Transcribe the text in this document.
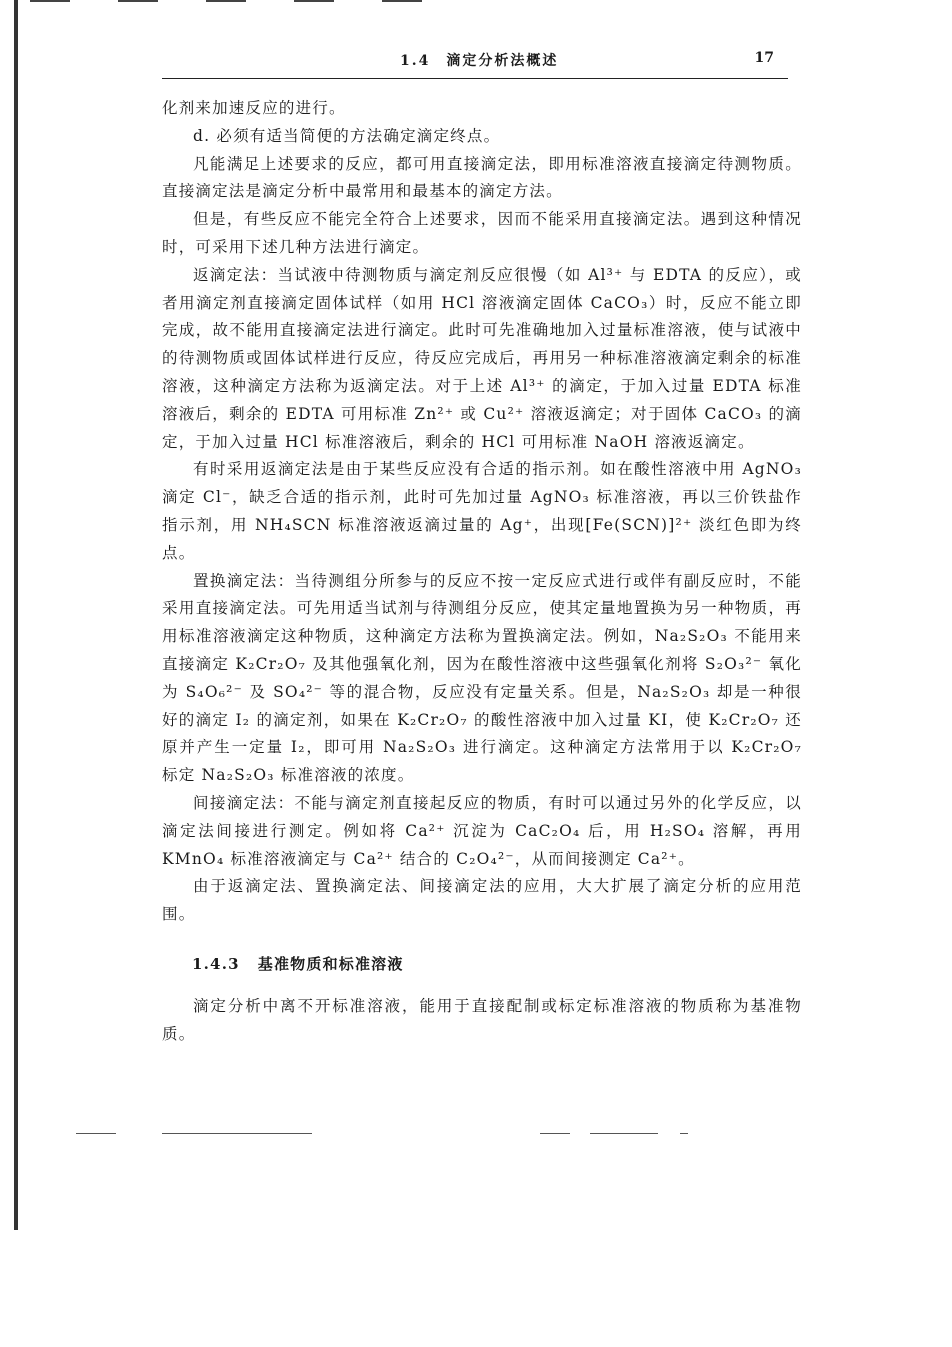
1.4　滴定分析法概述	17

化剂来加速反应的进行。

d. 必须有适当简便的方法确定滴定终点。

凡能满足上述要求的反应，都可用直接滴定法，即用标准溶液直接滴定待测物质。直接滴定法是滴定分析中最常用和最基本的滴定方法。

但是，有些反应不能完全符合上述要求，因而不能采用直接滴定法。遇到这种情况时，可采用下述几种方法进行滴定。

返滴定法：当试液中待测物质与滴定剂反应很慢（如 Al³⁺ 与 EDTA 的反应），或者用滴定剂直接滴定固体试样（如用 HCl 溶液滴定固体 CaCO₃）时，反应不能立即完成，故不能用直接滴定法进行滴定。此时可先准确地加入过量标准溶液，使与试液中的待测物质或固体试样进行反应，待反应完成后，再用另一种标准溶液滴定剩余的标准溶液，这种滴定方法称为返滴定法。对于上述 Al³⁺ 的滴定，于加入过量 EDTA 标准溶液后，剩余的 EDTA 可用标准 Zn²⁺ 或 Cu²⁺ 溶液返滴定；对于固体 CaCO₃ 的滴定，于加入过量 HCl 标准溶液后，剩余的 HCl 可用标准 NaOH 溶液返滴定。

有时采用返滴定法是由于某些反应没有合适的指示剂。如在酸性溶液中用 AgNO₃ 滴定 Cl⁻，缺乏合适的指示剂，此时可先加过量 AgNO₃ 标准溶液，再以三价铁盐作指示剂，用 NH₄SCN 标准溶液返滴过量的 Ag⁺，出现[Fe(SCN)]²⁺ 淡红色即为终点。

置换滴定法：当待测组分所参与的反应不按一定反应式进行或伴有副反应时，不能采用直接滴定法。可先用适当试剂与待测组分反应，使其定量地置换为另一种物质，再用标准溶液滴定这种物质，这种滴定方法称为置换滴定法。例如，Na₂S₂O₃ 不能用来直接滴定 K₂Cr₂O₇ 及其他强氧化剂，因为在酸性溶液中这些强氧化剂将 S₂O₃²⁻ 氧化为 S₄O₆²⁻ 及 SO₄²⁻ 等的混合物，反应没有定量关系。但是，Na₂S₂O₃ 却是一种很好的滴定 I₂ 的滴定剂，如果在 K₂Cr₂O₇ 的酸性溶液中加入过量 KI，使 K₂Cr₂O₇ 还原并产生一定量 I₂，即可用 Na₂S₂O₃ 进行滴定。这种滴定方法常用于以 K₂Cr₂O₇ 标定 Na₂S₂O₃ 标准溶液的浓度。

间接滴定法：不能与滴定剂直接起反应的物质，有时可以通过另外的化学反应，以滴定法间接进行测定。例如将 Ca²⁺ 沉淀为 CaC₂O₄ 后，用 H₂SO₄ 溶解，再用 KMnO₄ 标准溶液滴定与 Ca²⁺ 结合的 C₂O₄²⁻，从而间接测定 Ca²⁺。

由于返滴定法、置换滴定法、间接滴定法的应用，大大扩展了滴定分析的应用范围。

1.4.3 基准物质和标准溶液

滴定分析中离不开标准溶液，能用于直接配制或标定标准溶液的物质称为基准物质。
